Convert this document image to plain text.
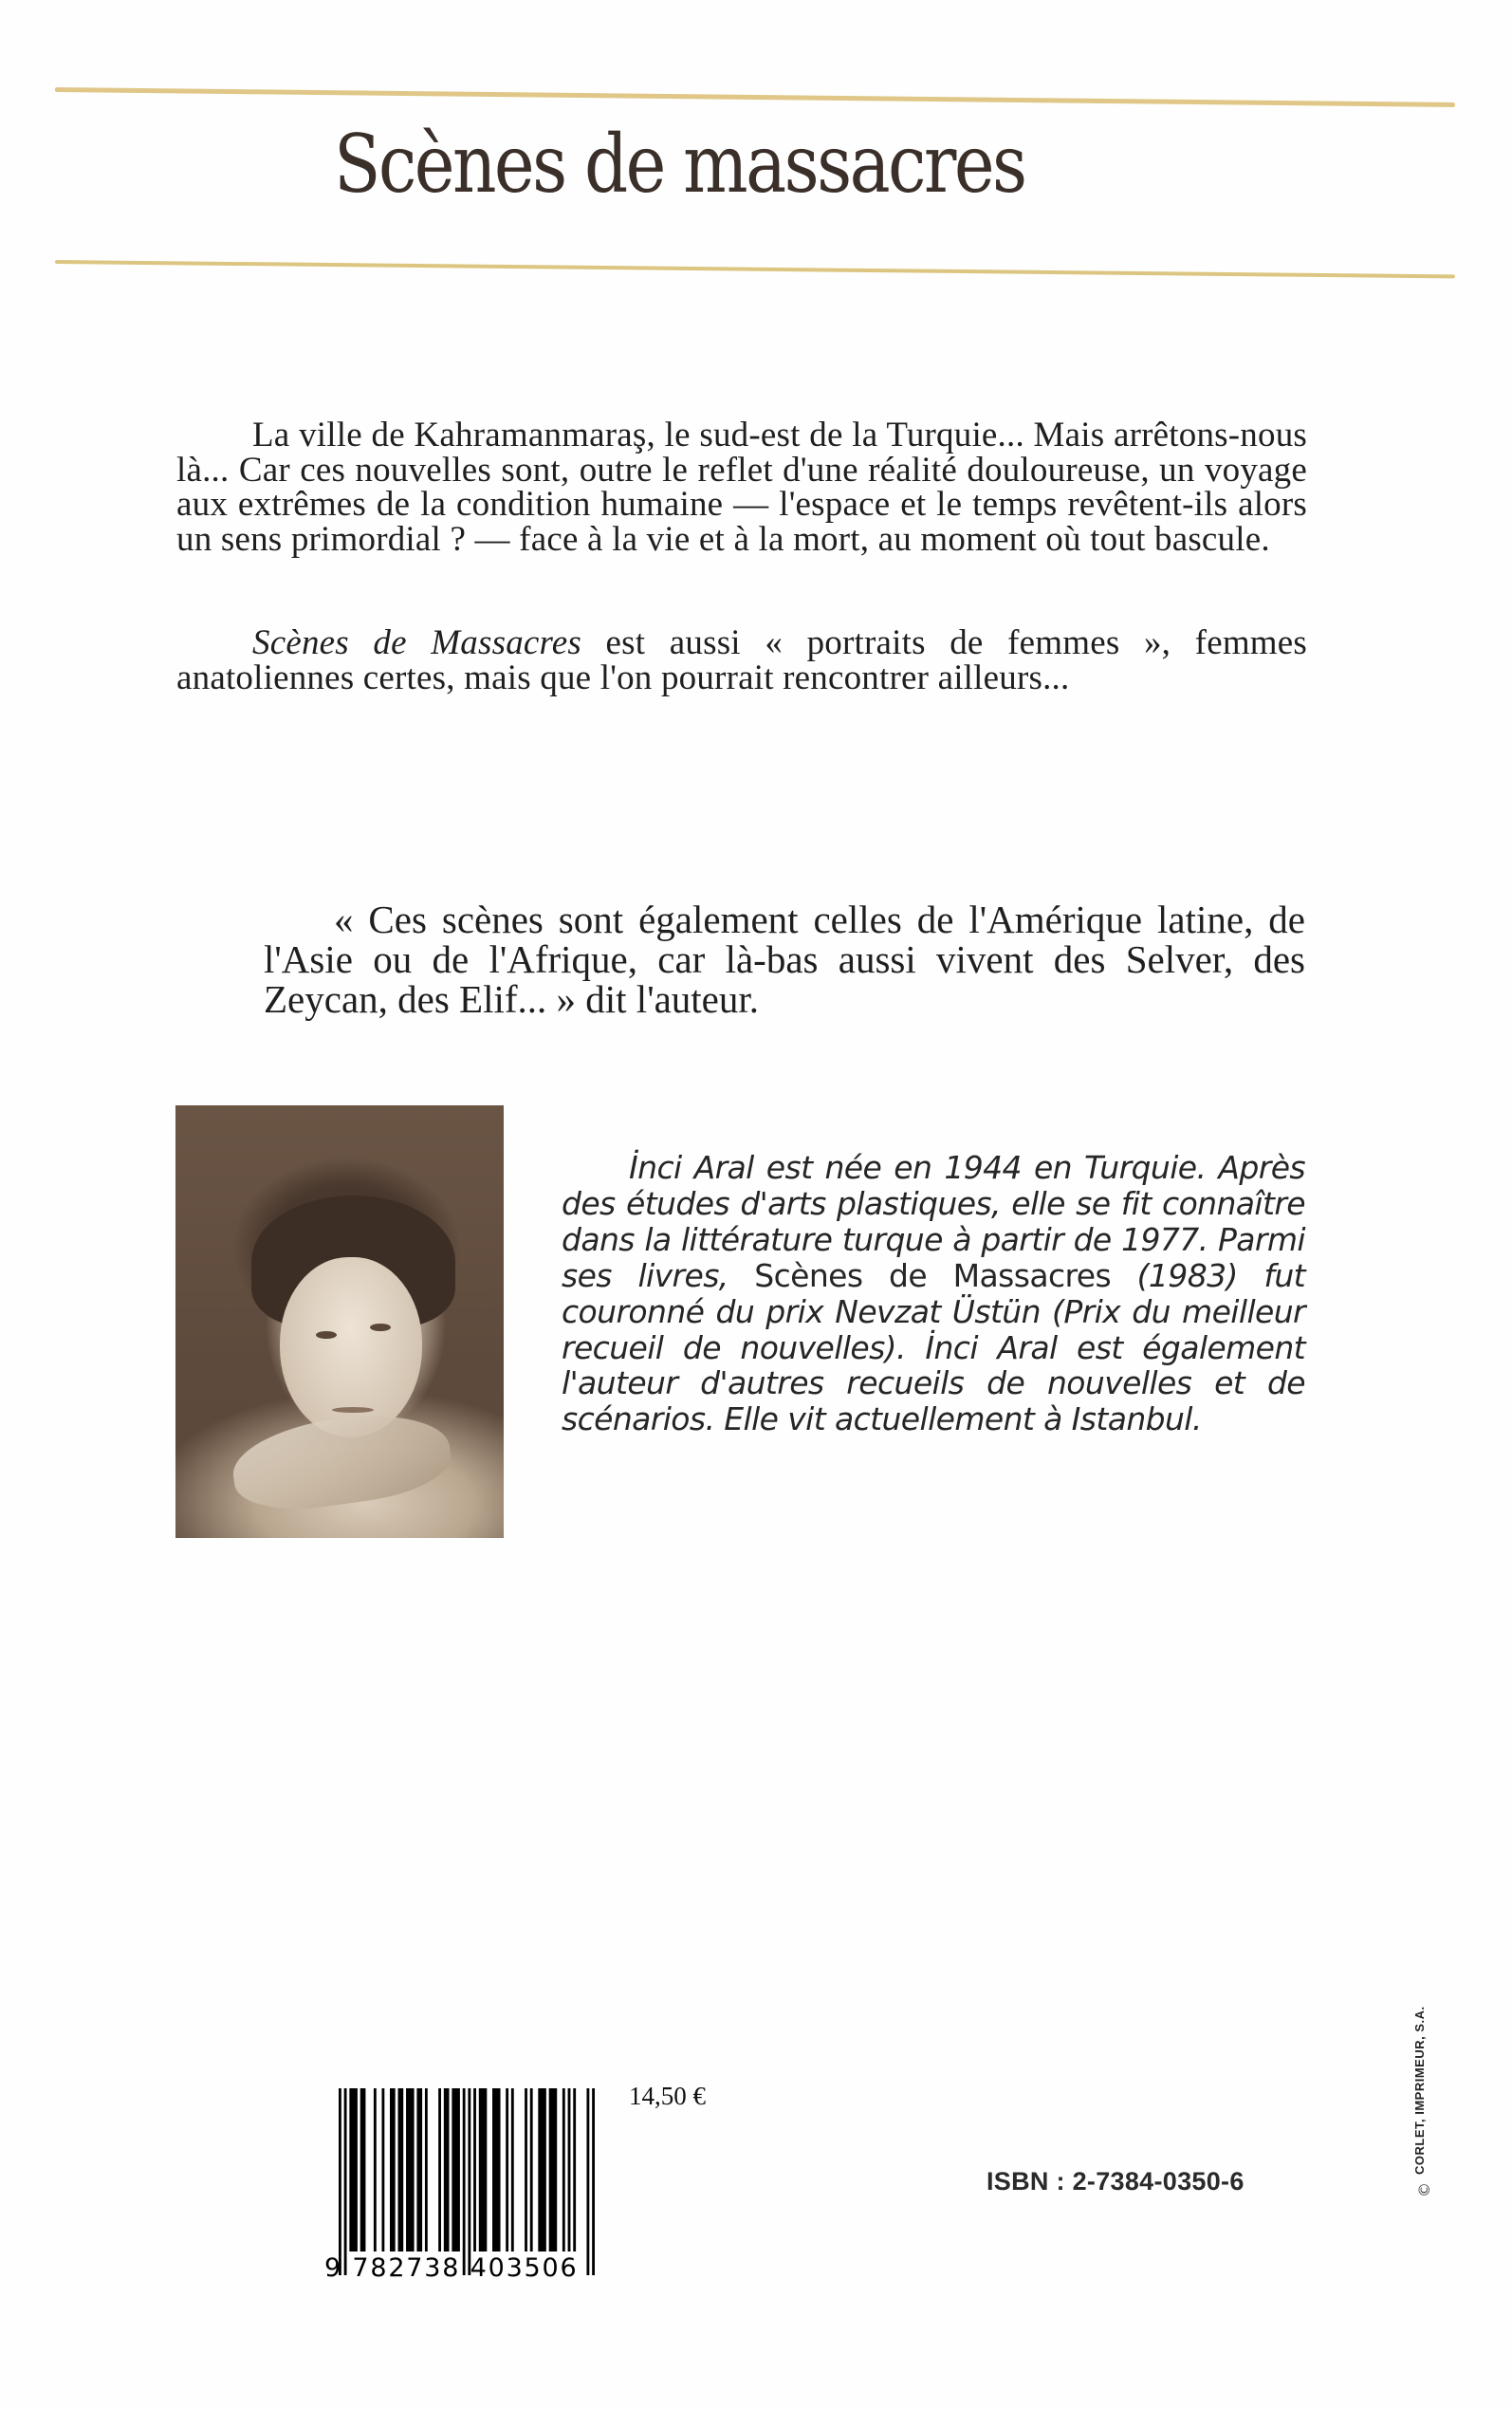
Scènes de massacres

La ville de Kahramanmaraş, le sud-est de la Turquie... Mais arrêtons-nous là... Car ces nouvelles sont, outre le reflet d'une réalité douloureuse, un voyage aux extrêmes de la condition humaine — l'espace et le temps revêtent-ils alors un sens primordial ? — face à la vie et à la mort, au moment où tout bascule.

Scènes de Massacres est aussi « portraits de femmes », femmes anatoliennes certes, mais que l'on pourrait rencontrer ailleurs...

« Ces scènes sont également celles de l'Amérique latine, de l'Asie ou de l'Afrique, car là-bas aussi vivent des Selver, des Zeycan, des Elif... » dit l'auteur.

İnci Aral est née en 1944 en Turquie. Après des études d'arts plastiques, elle se fit connaître dans la littérature turque à partir de 1977. Parmi ses livres, Scènes de Massacres (1983) fut couronné du prix Nevzat Üstün (Prix du meilleur recueil de nouvelles). İnci Aral est également l'auteur d'autres recueils de nouvelles et de scénarios. Elle vit actuellement à Istanbul.

9 782738 403506
14,50 €
ISBN : 2-7384-0350-6
CORLET, IMPRIMEUR, S.A.
©
